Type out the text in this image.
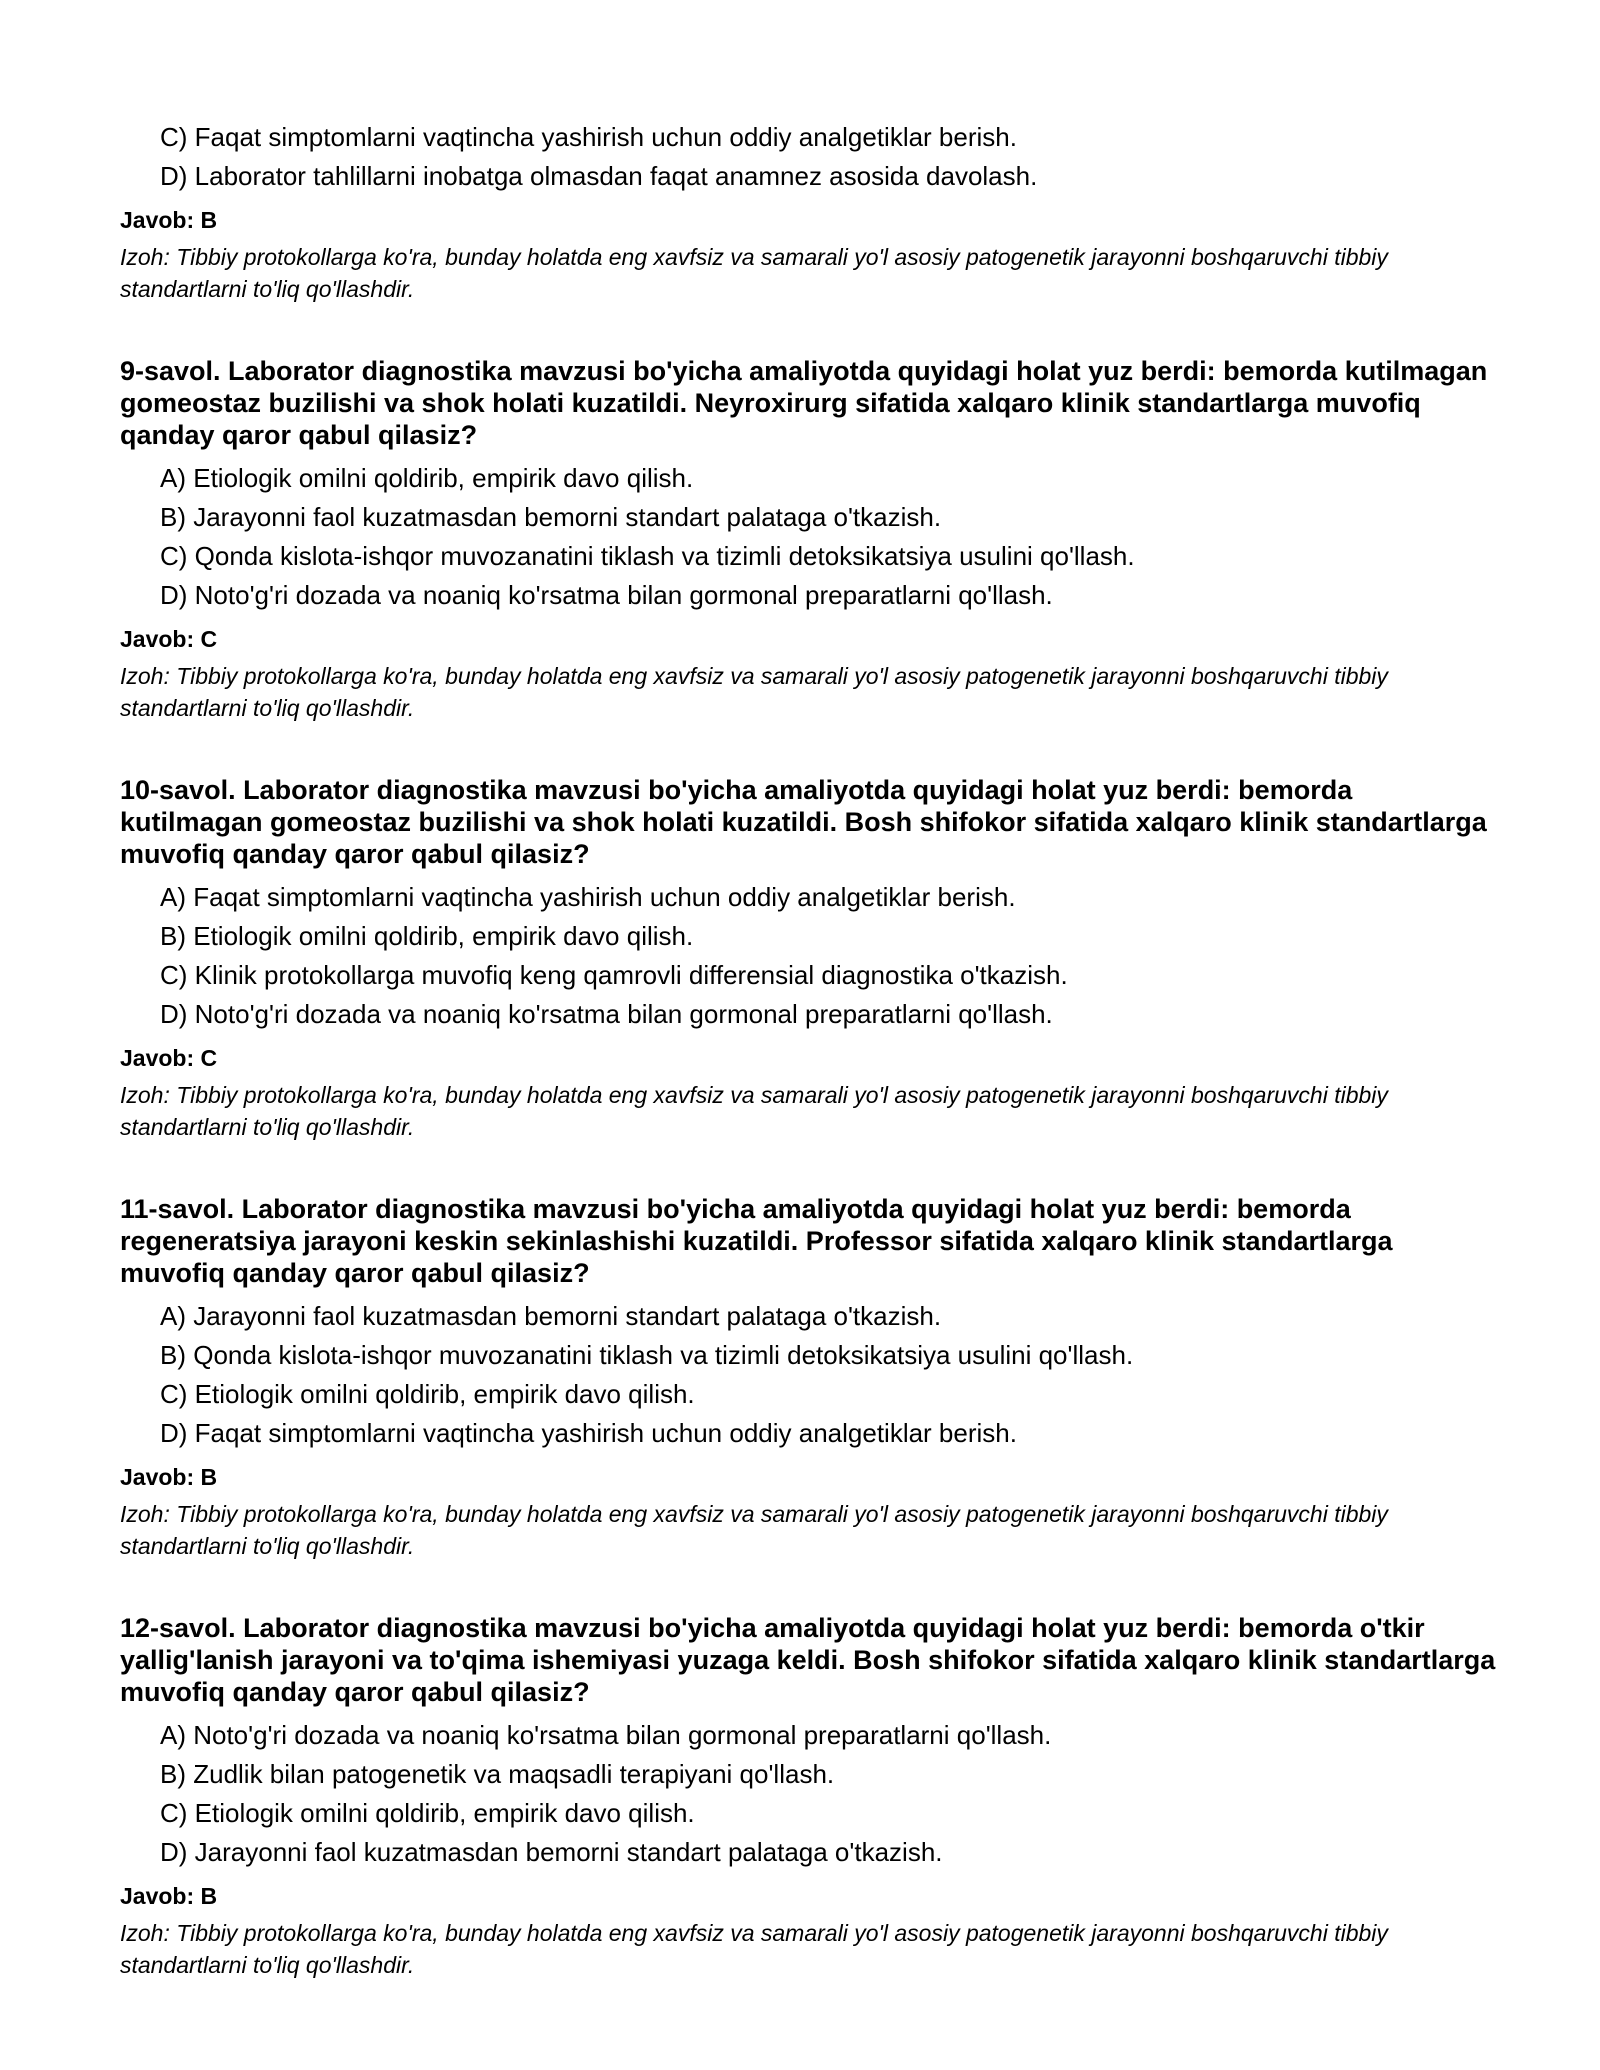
C) Faqat simptomlarni vaqtincha yashirish uchun oddiy analgetiklar berish.
D) Laborator tahlillarni inobatga olmasdan faqat anamnez asosida davolash.
Javob: B
Izoh: Tibbiy protokollarga ko'ra, bunday holatda eng xavfsiz va samarali yo'l asosiy patogenetik jarayonni boshqaruvchi tibbiy standartlarni to'liq qo'llashdir.
9-savol. Laborator diagnostika mavzusi bo'yicha amaliyotda quyidagi holat yuz berdi: bemorda kutilmagan gomeostaz buzilishi va shok holati kuzatildi. Neyroxirurg sifatida xalqaro klinik standartlarga muvofiq qanday qaror qabul qilasiz?
A) Etiologik omilni qoldirib, empirik davo qilish.
B) Jarayonni faol kuzatmasdan bemorni standart palataga o'tkazish.
C) Qonda kislota-ishqor muvozanatini tiklash va tizimli detoksikatsiya usulini qo'llash.
D) Noto'g'ri dozada va noaniq ko'rsatma bilan gormonal preparatlarni qo'llash.
Javob: C
Izoh: Tibbiy protokollarga ko'ra, bunday holatda eng xavfsiz va samarali yo'l asosiy patogenetik jarayonni boshqaruvchi tibbiy standartlarni to'liq qo'llashdir.
10-savol. Laborator diagnostika mavzusi bo'yicha amaliyotda quyidagi holat yuz berdi: bemorda kutilmagan gomeostaz buzilishi va shok holati kuzatildi. Bosh shifokor sifatida xalqaro klinik standartlarga muvofiq qanday qaror qabul qilasiz?
A) Faqat simptomlarni vaqtincha yashirish uchun oddiy analgetiklar berish.
B) Etiologik omilni qoldirib, empirik davo qilish.
C) Klinik protokollarga muvofiq keng qamrovli differensial diagnostika o'tkazish.
D) Noto'g'ri dozada va noaniq ko'rsatma bilan gormonal preparatlarni qo'llash.
Javob: C
Izoh: Tibbiy protokollarga ko'ra, bunday holatda eng xavfsiz va samarali yo'l asosiy patogenetik jarayonni boshqaruvchi tibbiy standartlarni to'liq qo'llashdir.
11-savol. Laborator diagnostika mavzusi bo'yicha amaliyotda quyidagi holat yuz berdi: bemorda regeneratsiya jarayoni keskin sekinlashishi kuzatildi. Professor sifatida xalqaro klinik standartlarga muvofiq qanday qaror qabul qilasiz?
A) Jarayonni faol kuzatmasdan bemorni standart palataga o'tkazish.
B) Qonda kislota-ishqor muvozanatini tiklash va tizimli detoksikatsiya usulini qo'llash.
C) Etiologik omilni qoldirib, empirik davo qilish.
D) Faqat simptomlarni vaqtincha yashirish uchun oddiy analgetiklar berish.
Javob: B
Izoh: Tibbiy protokollarga ko'ra, bunday holatda eng xavfsiz va samarali yo'l asosiy patogenetik jarayonni boshqaruvchi tibbiy standartlarni to'liq qo'llashdir.
12-savol. Laborator diagnostika mavzusi bo'yicha amaliyotda quyidagi holat yuz berdi: bemorda o'tkir yallig'lanish jarayoni va to'qima ishemiyasi yuzaga keldi. Bosh shifokor sifatida xalqaro klinik standartlarga muvofiq qanday qaror qabul qilasiz?
A) Noto'g'ri dozada va noaniq ko'rsatma bilan gormonal preparatlarni qo'llash.
B) Zudlik bilan patogenetik va maqsadli terapiyani qo'llash.
C) Etiologik omilni qoldirib, empirik davo qilish.
D) Jarayonni faol kuzatmasdan bemorni standart palataga o'tkazish.
Javob: B
Izoh: Tibbiy protokollarga ko'ra, bunday holatda eng xavfsiz va samarali yo'l asosiy patogenetik jarayonni boshqaruvchi tibbiy standartlarni to'liq qo'llashdir.
